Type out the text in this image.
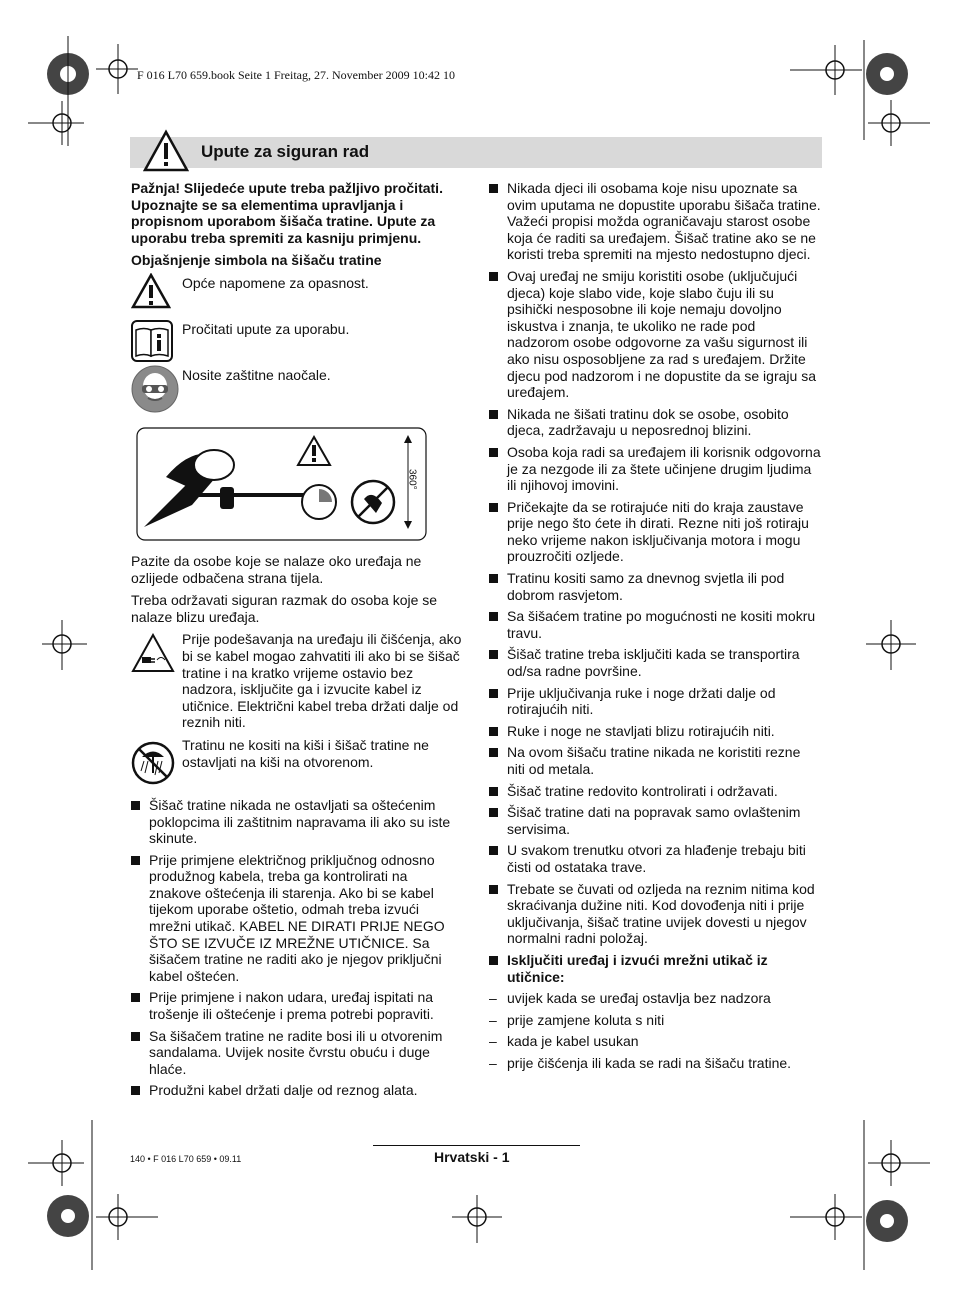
F 016 L70 659.book Seite 1 Freitag, 27. November 2009 10:42 10
Upute za siguran rad

Pažnja! Slijedeće upute treba pažljivo pročitati. Upoznajte se sa elementima upravljanja i propisnom uporabom šišača tratine. Upute za uporabu treba spremiti za kasniju primjenu.

Objašnjenje simbola na šišaču tratine

Opće napomene za opasnost.
Pročitati upute za uporabu.
Nosite zaštitne naočale.
360°

Pazite da osobe koje se nalaze oko uređaja ne ozlijede odbačena strana tijela.

Treba održavati siguran razmak do osoba koje se nalaze blizu uređaja.

Prije podešavanja na uređaju ili čišćenja, ako bi se kabel mogao zahvatiti ili ako bi se šišač tratine i na kratko vrijeme ostavio bez nadzora, isključite ga i izvucite kabel iz utičnice. Električni kabel treba držati dalje od reznih niti.
Tratinu ne kositi na kiši i šišač tratine ne ostavljati na kiši na otvorenom.
Šišač tratine nikada ne ostavljati sa oštećenim poklopcima ili zaštitnim napravama ili ako su iste skinute.
Prije primjene električnog priključnog odnosno produžnog kabela, treba ga kontrolirati na znakove oštećenja ili starenja. Ako bi se kabel tijekom uporabe oštetio, odmah treba izvući mrežni utikač. KABEL NE DIRATI PRIJE NEGO ŠTO SE IZVUČE IZ MREŽNE UTIČNICE. Sa šišačem tratine ne raditi ako je njegov priključni kabel oštećen.
Prije primjene i nakon udara, uređaj ispitati na trošenje ili oštećenje i prema potrebi popraviti.
Sa šišačem tratine ne radite bosi ili u otvorenim sandalama. Uvijek nosite čvrstu obuću i duge hlaće.
Produžni kabel držati dalje od reznog alata.
Nikada djeci ili osobama koje nisu upoznate sa ovim uputama ne dopustite uporabu šišača tratine. Važeći propisi možda ograničavaju starost osobe koja će raditi sa uređajem. Šišač tratine ako se ne koristi treba spremiti na mjesto nedostupno djeci.
Ovaj uređaj ne smiju koristiti osobe (uključujući djeca) koje slabo vide, koje slabo čuju ili su psihički nesposobne ili koje nemaju dovoljno iskustva i znanja, te ukoliko ne rade pod nadzorom osobe odgovorne za vašu sigurnost ili ako nisu osposobljene za rad s uređajem. Držite djecu pod nadzorom i ne dopustite da se igraju sa uređajem.
Nikada ne šišati tratinu dok se osobe, osobito djeca, zadržavaju u neposrednoj blizini.
Osoba koja radi sa uređajem ili korisnik odgovorna je za nezgode ili za štete učinjene drugim ljudima ili njihovoj imovini.
Pričekajte da se rotirajuće niti do kraja zaustave prije nego što ćete ih dirati. Rezne niti još rotiraju neko vrijeme nakon isključivanja motora i mogu prouzročiti ozljede.
Tratinu kositi samo za dnevnog svjetla ili pod dobrom rasvjetom.
Sa šišaćem tratine po mogućnosti ne kositi mokru travu.
Šišač tratine treba isključiti kada se transportira od/sa radne površine.
Prije uključivanja ruke i noge držati dalje od rotirajućih niti.
Ruke i noge ne stavljati blizu rotirajućih niti.
Na ovom šišaču tratine nikada ne koristiti rezne niti od metala.
Šišač tratine redovito kontrolirati i održavati.
Šišač tratine dati na popravak samo ovlaštenim servisima.
U svakom trenutku otvori za hlađenje trebaju biti čisti od ostataka trave.
Trebate se čuvati od ozljeda na reznim nitima kod skraćivanja dužine niti. Kod dovođenja niti i prije uključivanja, šišač tratine uvijek dovesti u njegov normalni radni položaj.
Isključiti uređaj i izvući mrežni utikač iz utičnice:
– uvijek kada se uređaj ostavlja bez nadzora
– prije zamjene koluta s niti
– kada je kabel usukan
– prije čišćenja ili kada se radi na šišaču tratine.
140 • F 016 L70 659 • 09.11	Hrvatski - 1
